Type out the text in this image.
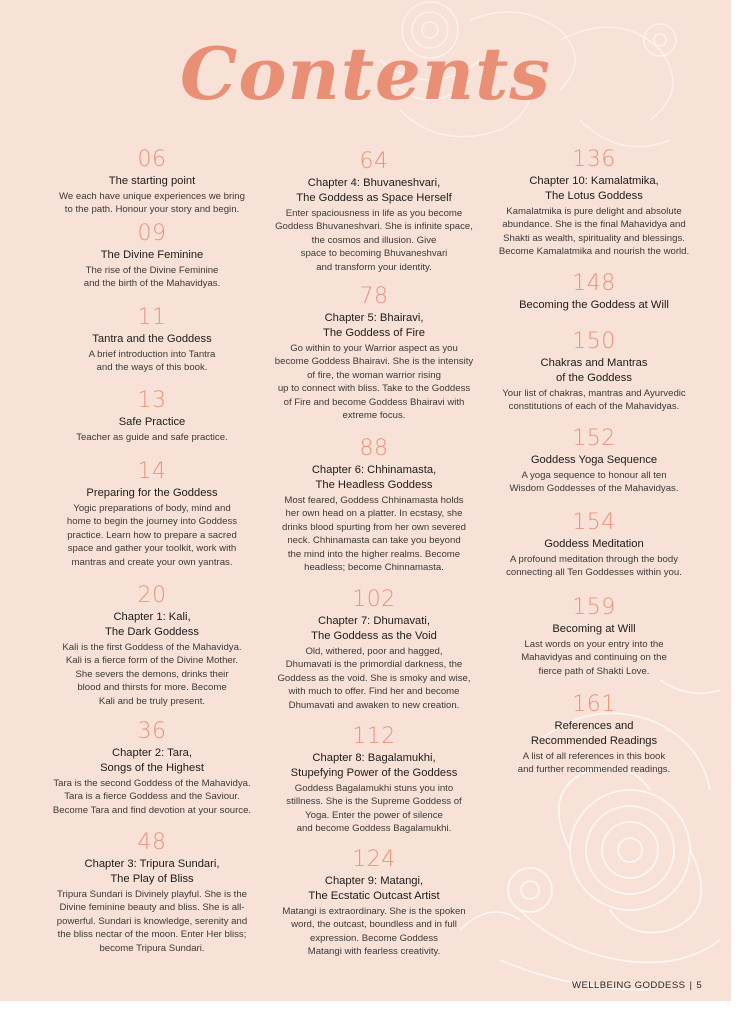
Contents
06
The starting point
We each have unique experiences we bring
to the path. Honour your story and begin.
09
The Divine Feminine
The rise of the Divine Feminine
and the birth of the Mahavidyas.
11
Tantra and the Goddess
A brief introduction into Tantra
and the ways of this book.
13
Safe Practice
Teacher as guide and safe practice.
14
Preparing for the Goddess
Yogic preparations of body, mind and
home to begin the journey into Goddess
practice. Learn how to prepare a sacred
space and gather your toolkit, work with
mantras and create your own yantras.
20
Chapter 1: Kali,
The Dark Goddess
Kali is the first Goddess of the Mahavidya.
Kali is a fierce form of the Divine Mother.
She severs the demons, drinks their
blood and thirsts for more. Become
Kali and be truly present.
36
Chapter 2: Tara,
Songs of the Highest
Tara is the second Goddess of the Mahavidya.
Tara is a fierce Goddess and the Saviour.
Become Tara and find devotion at your source.
48
Chapter 3: Tripura Sundari,
The Play of Bliss
Tripura Sundari is Divinely playful. She is the
Divine feminine beauty and bliss. She is all-
powerful. Sundari is knowledge, serenity and
the bliss nectar of the moon. Enter Her bliss;
become Tripura Sundari.
64
Chapter 4: Bhuvaneshvari,
The Goddess as Space Herself
Enter spaciousness in life as you become
Goddess Bhuvaneshvari. She is infinite space,
the cosmos and illusion. Give
space to becoming Bhuvaneshvari
and transform your identity.
78
Chapter 5: Bhairavi,
The Goddess of Fire
Go within to your Warrior aspect as you
become Goddess Bhairavi. She is the intensity
of fire, the woman warrior rising
up to connect with bliss. Take to the Goddess
of Fire and become Goddess Bhairavi with
extreme focus.
88
Chapter 6: Chhinamasta,
The Headless Goddess
Most feared, Goddess Chhinamasta holds
her own head on a platter. In ecstasy, she
drinks blood spurting from her own severed
neck. Chhinamasta can take you beyond
the mind into the higher realms. Become
headless; become Chinnamasta.
102
Chapter 7: Dhumavati,
The Goddess as the Void
Old, withered, poor and hagged,
Dhumavati is the primordial darkness, the
Goddess as the void. She is smoky and wise,
with much to offer. Find her and become
Dhumavati and awaken to new creation.
112
Chapter 8: Bagalamukhi,
Stupefying Power of the Goddess
Goddess Bagalamukhi stuns you into
stillness. She is the Supreme Goddess of
Yoga. Enter the power of silence
and become Goddess Bagalamukhi.
124
Chapter 9: Matangi,
The Ecstatic Outcast Artist
Matangi is extraordinary. She is the spoken
word, the outcast, boundless and in full
expression. Become Goddess
Matangi with fearless creativity.
136
Chapter 10: Kamalatmika,
The Lotus Goddess
Kamalatmika is pure delight and absolute
abundance. She is the final Mahavidya and
Shakti as wealth, spirituality and blessings.
Become Kamalatmika and nourish the world.
148
Becoming the Goddess at Will
150
Chakras and Mantras
of the Goddess
Your list of chakras, mantras and Ayurvedic
constitutions of each of the Mahavidyas.
152
Goddess Yoga Sequence
A yoga sequence to honour all ten
Wisdom Goddesses of the Mahavidyas.
154
Goddess Meditation
A profound meditation through the body
connecting all Ten Goddesses within you.
159
Becoming at Will
Last words on your entry into the
Mahavidyas and continuing on the
fierce path of Shakti Love.
161
References and
Recommended Readings
A list of all references in this book
and further recommended readings.
WELLBEING GODDESS | 5
